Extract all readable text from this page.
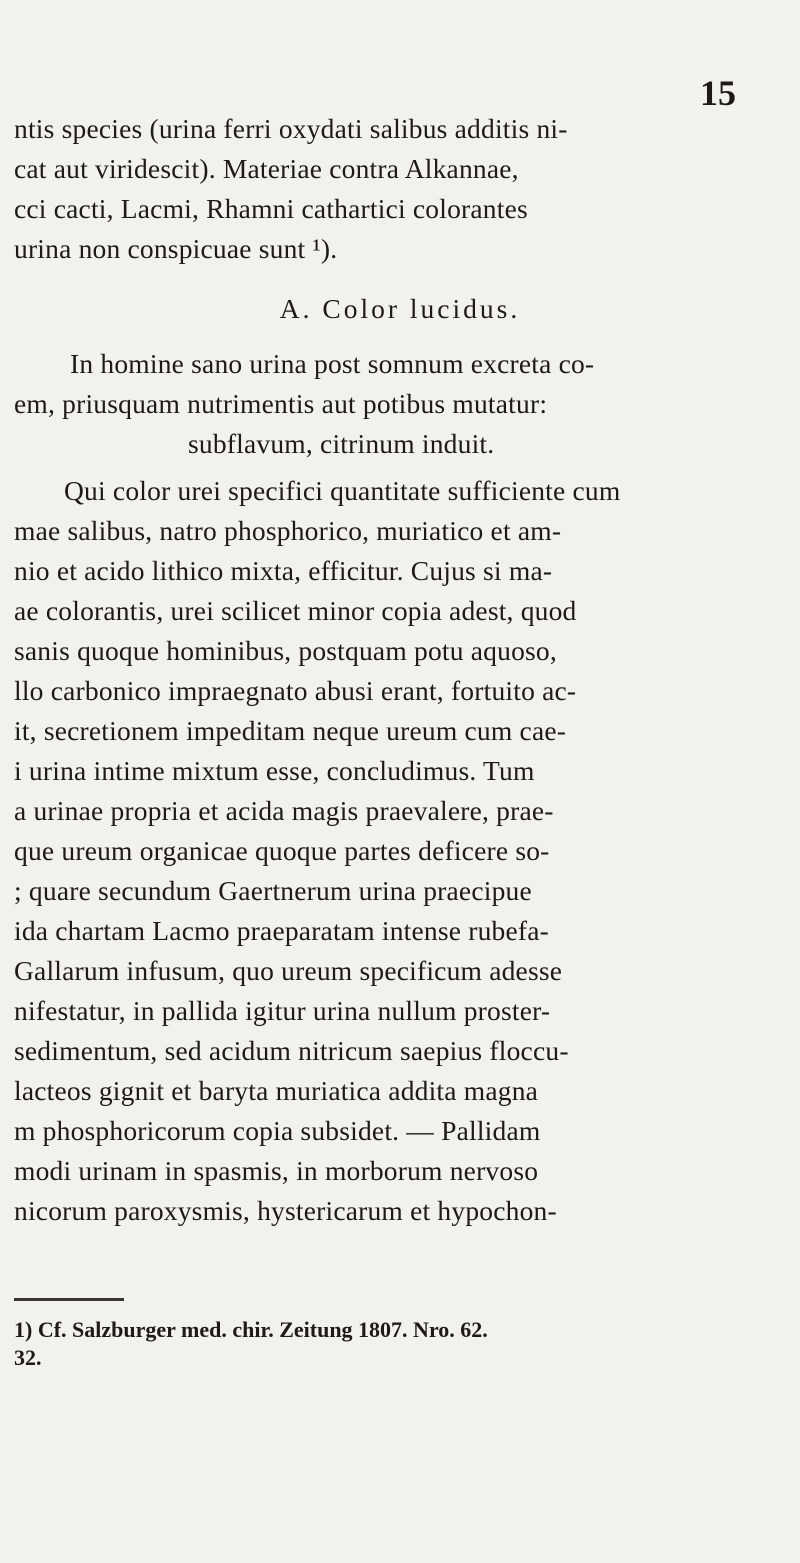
15
ntis species (urina ferri oxydati salibus additis ni-
cat aut viridescit). Materiae contra Alkannae,
cci cacti, Lacmi, Rhamni cathartici colorantes
urina non conspicuae sunt ¹).
A. Color lucidus.
In homine sano urina post somnum excreta co-
em, priusquam nutrimentis aut potibus mutatur:
subflavum, citrinum induit.
Qui color urei specifici quantitate sufficiente cum
mae salibus, natro phosphorico, muriatico et am-
nio et acido lithico mixta, efficitur. Cujus si ma-
ae colorantis, urei scilicet minor copia adest, quod
sanis quoque hominibus, postquam potu aquoso,
llo carbonico impraegnato abusi erant, fortuito ac-
it, secretionem impeditam neque ureum cum cae-
i urina intime mixtum esse, concludimus. Tum
a urinae propria et acida magis praevalere, prae-
que ureum organicae quoque partes deficere so-
; quare secundum Gaertnerum urina praecipue
ida chartam Lacmo praeparatam intense rubefa-
Gallarum infusum, quo ureum specificum adesse
nifestatur, in pallida igitur urina nullum proster-
sedimentum, sed acidum nitricum saepius floccu-
lacteos gignit et baryta muriatica addita magna
m phosphoricorum copia subsidet. — Pallidam
modi urinam in spasmis, in morborum nervoso
nicorum paroxysmis, hystericarum et hypochon-
1) Cf. Salzburger med. chir. Zeitung 1807. Nro. 62.
32.
